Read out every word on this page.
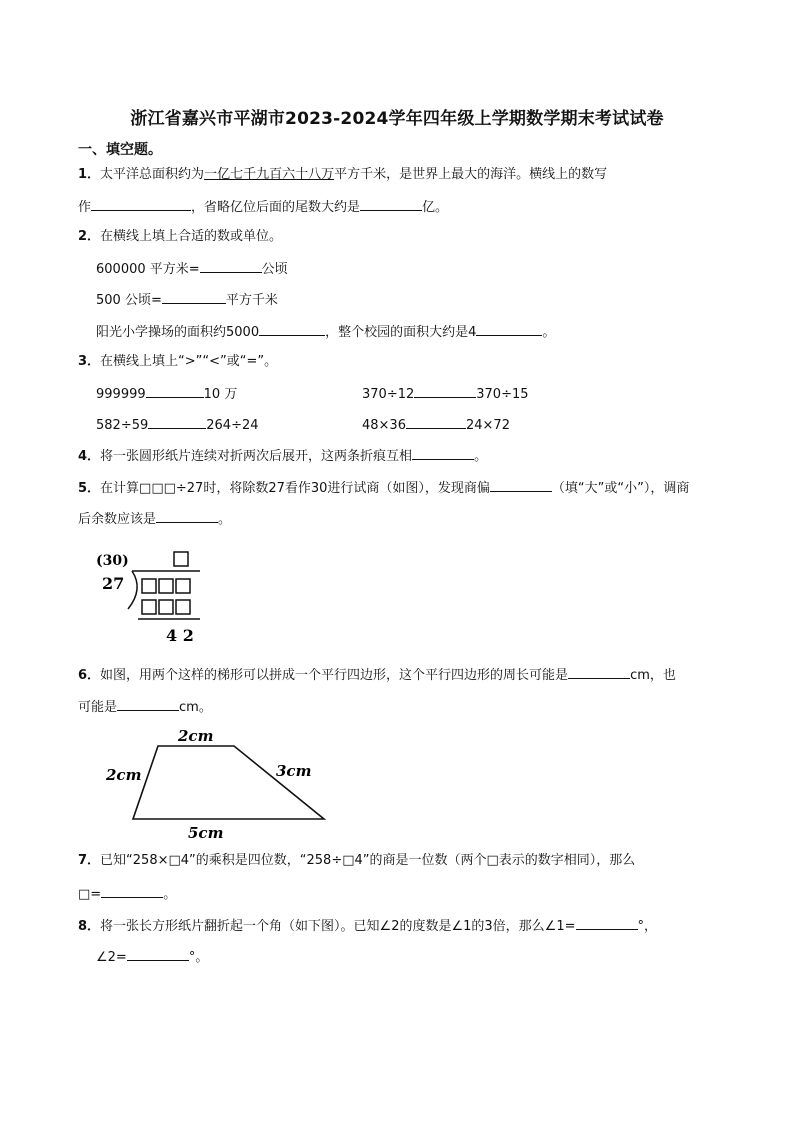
浙江省嘉兴市平湖市2023-2024学年四年级上学期数学期末考试试卷
一、填空题。
1．太平洋总面积约为一亿七千九百六十八万平方千米，是世界上最大的海洋。横线上的数写
作	，省略亿位后面的尾数大约是	亿。
2．在横线上填上合适的数或单位。
600000 平方米=	公顷
500 公顷=	平方千米
阳光小学操场的面积约5000	，整个校园的面积大约是4	。
3．在横线上填上“>”“<”或“=”。
999999	10 万	370÷12	370÷15
582÷59	264÷24	48×36	24×72
4．将一张圆形纸片连续对折两次后展开，这两条折痕互相	。
5．在计算□□□÷27时，将除数27看作30进行试商（如图），发现商偏	（填“大”或“小”），调商
后余数应该是	。
(30)
27
4 2
6．如图，用两个这样的梯形可以拼成一个平行四边形，这个平行四边形的周长可能是	cm，也
可能是	cm。
2cm
2cm	3cm
5cm
7．已知“258×□4”的乘积是四位数，“258÷□4”的商是一位数（两个□表示的数字相同），那么
□=	。
8．将一张长方形纸片翻折起一个角（如下图）。已知∠2的度数是∠1的3倍，那么∠1=	°，
∠2=	°。
